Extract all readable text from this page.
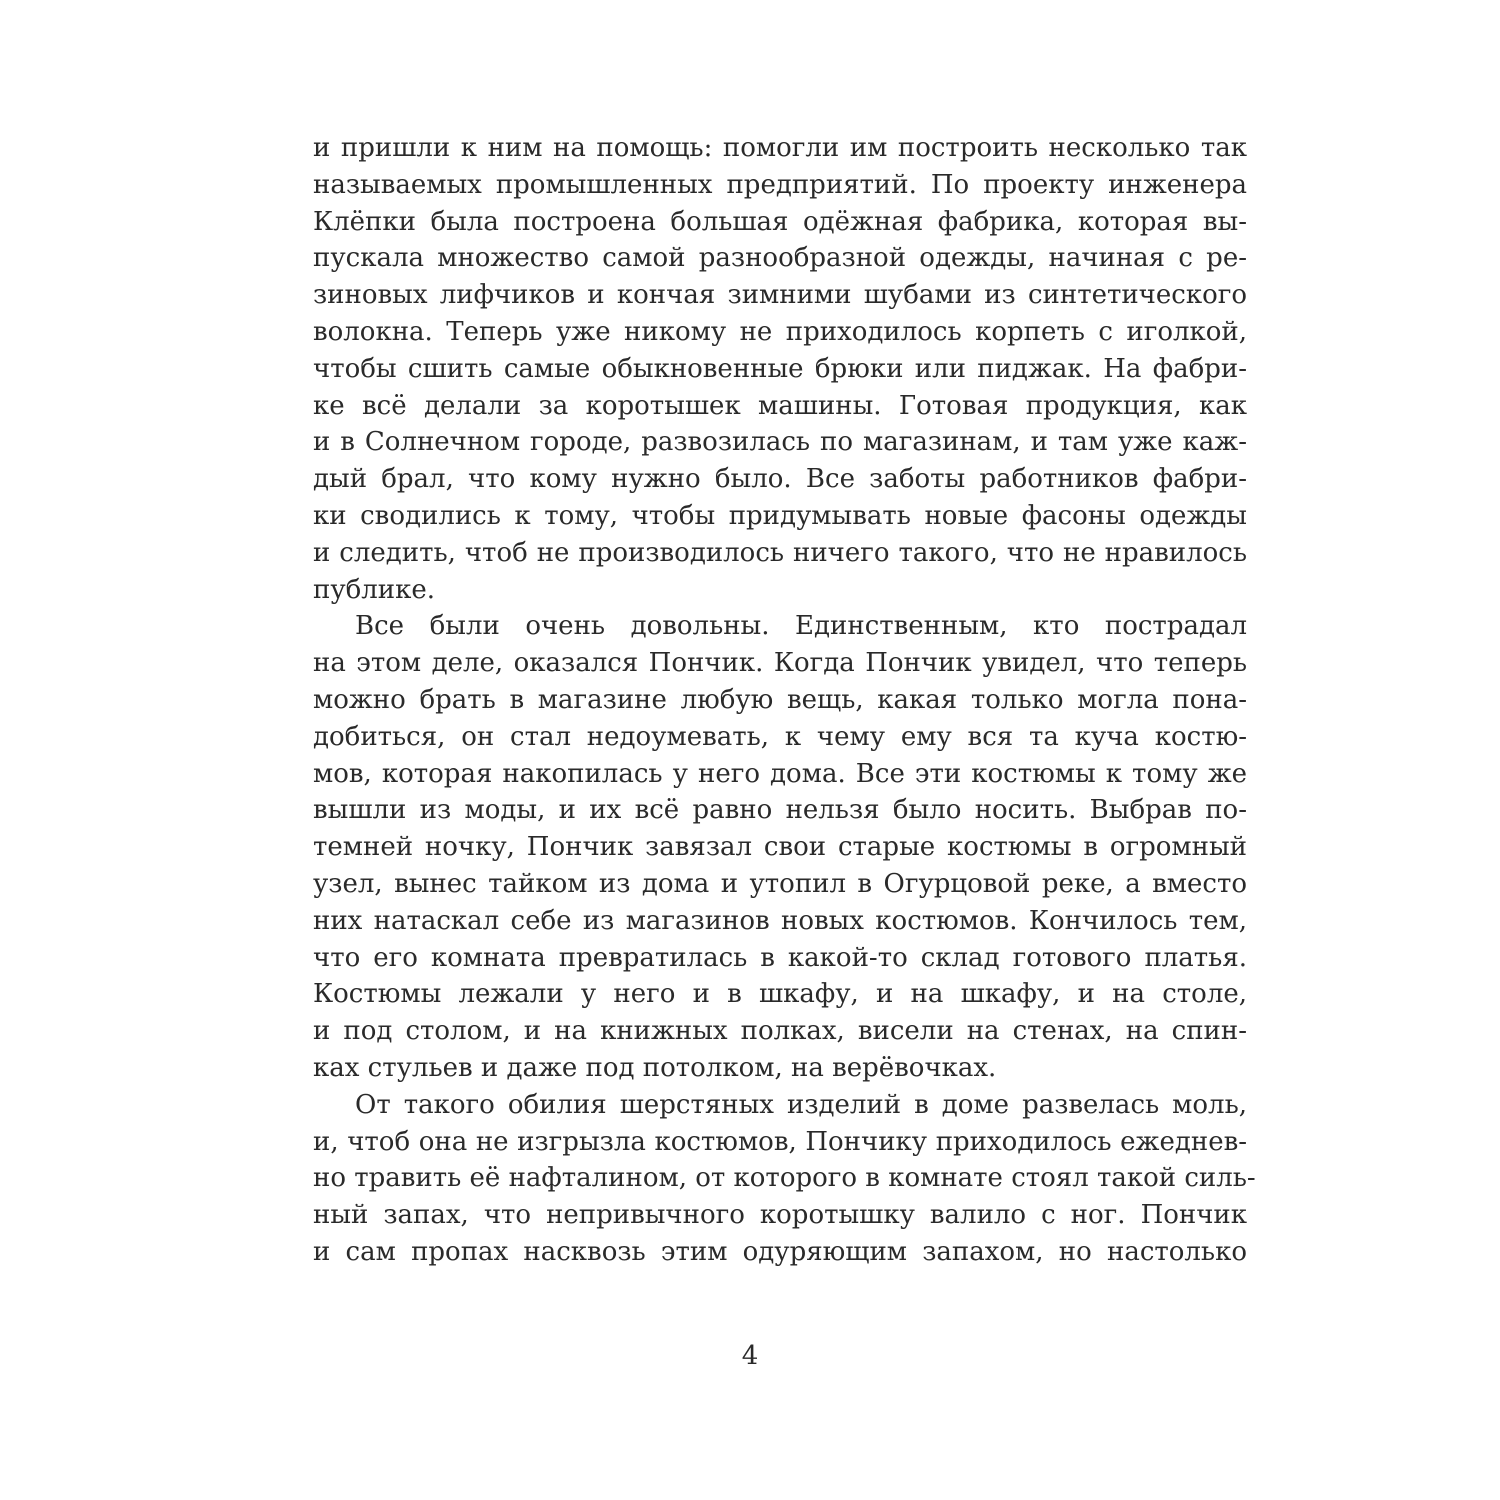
и пришли к ним на помощь: помогли им построить несколько так
называемых промышленных предприятий. По проекту инженера
Клёпки была построена большая одёжная фабрика, которая вы-
пускала множество самой разнообразной одежды, начиная с ре-
зиновых лифчиков и кончая зимними шубами из синтетического
волокна. Теперь уже никому не приходилось корпеть с иголкой,
чтобы сшить самые обыкновенные брюки или пиджак. На фабри-
ке всё делали за коротышек машины. Готовая продукция, как
и в Солнечном городе, развозилась по магазинам, и там уже каж-
дый брал, что кому нужно было. Все заботы работников фабри-
ки сводились к тому, чтобы придумывать новые фасоны одежды
и следить, чтоб не производилось ничего такого, что не нравилось
публике.
Все были очень довольны. Единственным, кто пострадал
на этом деле, оказался Пончик. Когда Пончик увидел, что теперь
можно брать в магазине любую вещь, какая только могла пона-
добиться, он стал недоумевать, к чему ему вся та куча костю-
мов, которая накопилась у него дома. Все эти костюмы к тому же
вышли из моды, и их всё равно нельзя было носить. Выбрав по-
темней ночку, Пончик завязал свои старые костюмы в огромный
узел, вынес тайком из дома и утопил в Огурцовой реке, а вместо
них натаскал себе из магазинов новых костюмов. Кончилось тем,
что его комната превратилась в какой-то склад готового платья.
Костюмы лежали у него и в шкафу, и на шкафу, и на столе,
и под столом, и на книжных полках, висели на стенах, на спин-
ках стульев и даже под потолком, на верёвочках.
От такого обилия шерстяных изделий в доме развелась моль,
и, чтоб она не изгрызла костюмов, Пончику приходилось ежеднев-
но травить её нафталином, от которого в комнате стоял такой силь-
ный запах, что непривычного коротышку валило с ног. Пончик
и сам пропах насквозь этим одуряющим запахом, но настолько
4
